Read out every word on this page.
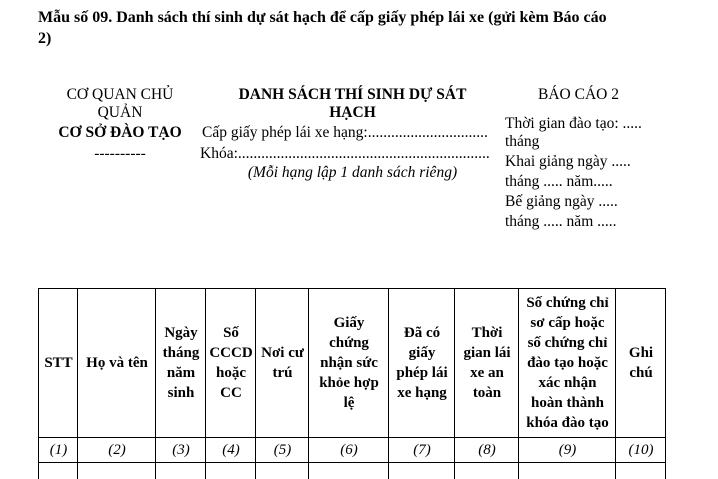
Mẫu số 09. Danh sách thí sinh dự sát hạch để cấp giấy phép lái xe (gửi kèm Báo cáo
2)
CƠ QUAN CHỦ
QUẢN
CƠ SỞ ĐÀO TẠO
----------
DANH SÁCH THÍ SINH DỰ SÁT
HẠCH
Cấp giấy phép lái xe hạng:...............................
Khóa:.................................................................
(Mỗi hạng lập 1 danh sách riêng)
BÁO CÁO 2
Thời gian đào tạo: .....
tháng
Khai giảng ngày .....
tháng ..... năm.....
Bế giảng ngày .....
tháng ..... năm .....
STT
(1)
Họ và tên
(2)
Ngày
tháng
năm
sinh
(3)
Số
CCCD
hoặc
CC
(4)
Nơi cư
trú
(5)
Giấy
chứng
nhận sức
khỏe hợp
lệ
(6)
Đã có
giấy
phép lái
xe hạng
(7)
Thời
gian lái
xe an
toàn
(8)
Số chứng chỉ
sơ cấp hoặc
số chứng chỉ
đào tạo hoặc
xác nhận
hoàn thành
khóa đào tạo
(9)
Ghi
chú
(10)
